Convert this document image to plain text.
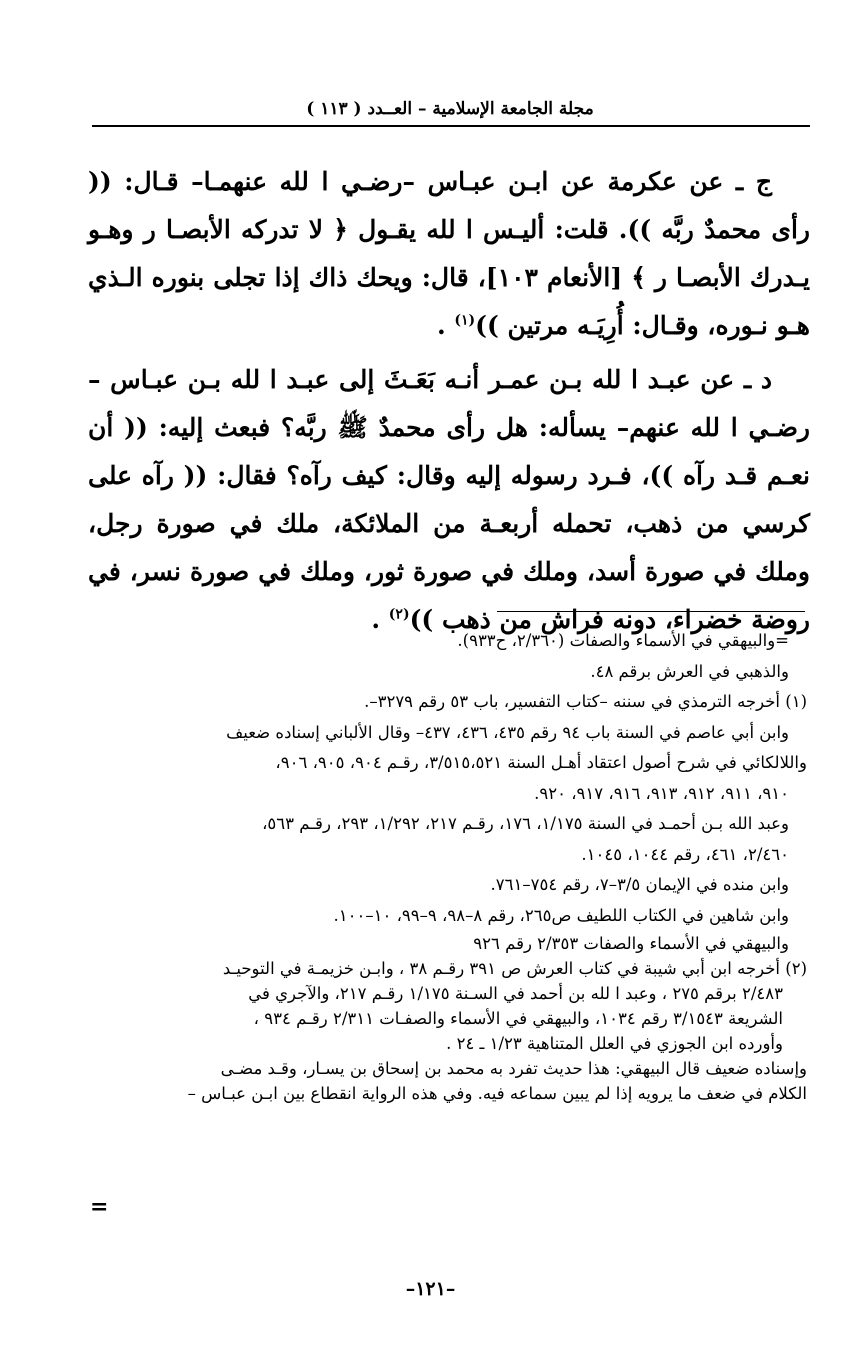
مجلة الجامعة الإسلامية – العــدد ( ١١٣ )

ج ـ عن عكرمة عن ابـن عبـاس –رضـي ا لله عنهمـا– قـال: (( رأى محمدٌ ربَّه )). قلت: أليـس ا لله يقـول ﴿ لا تدركه الأبصـا ر وهـو يـدرك الأبصـا ر ﴾ [الأنعام ١٠٣]، قال: ويحك ذاك إذا تجلى بنوره الـذي هـو نـوره، وقـال: أُرِيَـه مرتين ))$^{(١)}$ .

د ـ عن عبـد ا لله بـن عمـر أنـه بَعَـثَ إلى عبـد ا لله بـن عبـاس –رضـي ا لله عنهم– يسأله: هل رأى محمدٌ ﷺ ربَّه؟ فبعث إليه: (( أن نعـم قـد رآه ))، فـرد رسوله إليه وقال: كيف رآه؟ فقال: (( رآه على كرسي من ذهب، تحمله أربعـة من الملائكة، ملك في صورة رجل، وملك في صورة أسد، وملك في صورة ثور، وملك في صورة نسر، في روضة خضراء، دونه فراش من ذهب ))$^{(٢)}$ .

=والبيهقي في الأسماء والصفات (٢/٣٦٠، ح٩٣٣).

والذهبي في العرش برقم ٤٨.

(١) أخرجه الترمذي في سننه –كتاب التفسير، باب ٥٣ رقم ٣٢٧٩–.

وابن أبي عاصم في السنة باب ٩٤ رقم ٤٣٥، ٤٣٦، ٤٣٧– وقال الألباني إسناده ضعيف

واللالكائي في شرح أصول اعتقاد أهـل السنة ٣/٥١٥،٥٢١، رقـم ٩٠٤، ٩٠٥، ٩٠٦،

٩١٠، ٩١١، ٩١٢، ٩١٣، ٩١٦، ٩١٧، ٩٢٠.

وعبد الله بـن أحمـد في السنة ١/١٧٥، ١٧٦، رقـم ٢١٧، ١/٢٩٢، ٢٩٣، رقـم ٥٦٣،

٢/٤٦٠، ٤٦١، رقم ١٠٤٤، ١٠٤٥.

وابن منده في الإيمان ٣/٥–٧، رقم ٧٥٤–٧٦١.

وابن شاهين في الكتاب اللطيف ص٢٦٥، رقم ٨–٩٨، ٩–٩٩، ١٠–١٠٠.

والبيهقي في الأسماء والصفات ٢/٣٥٣ رقم ٩٢٦

(٢) أخرجه ابن أبي شيبة في كتاب العرش ص ٣٩١ رقـم ٣٨ ، وابـن خزيمـة في التوحيـد

٢/٤٨٣ برقم ٢٧٥ ، وعبد ا لله بن أحمد في السـنة ١/١٧٥ رقـم ٢١٧، والآجري في

الشريعة ٣/١٥٤٣ رقم ١٠٣٤، والبيهقي في الأسماء والصفـات ٢/٣١١ رقـم ٩٣٤ ،

وأورده ابن الجوزي في العلل المتناهية ١/٢٣ ـ ٢٤ .

وإسناده ضعيف قال البيهقي: هذا حديث تفرد به محمد بن إسحاق بن يسـار، وقـد مضـى

الكلام في ضعف ما يرويه إذا لم يبين سماعه فيه. وفي هذه الرواية انقطاع بين ابـن عبـاس –

=
–١٢١–
